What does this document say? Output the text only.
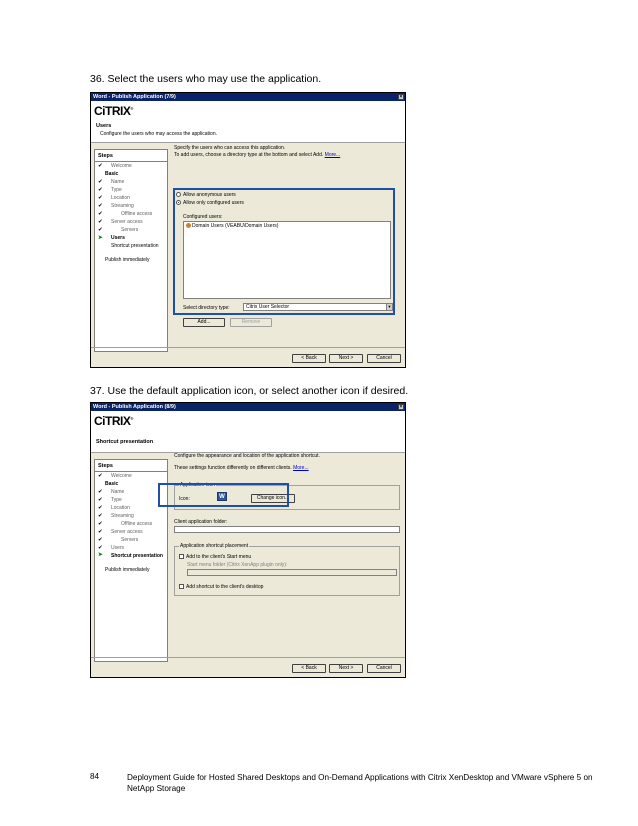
36. Select the users who may use the application.
Word - Publish Application (7/9)	×
CiTRIX®
Users
Configure the users who may access the application.
Steps
✔ Welcome
Basic
✔ Name
✔ Type
✔ Location
✔ Streaming
✔	Offline access
✔ Server access
✔	Servers
➤ Users
Shortcut presentation
Publish immediately
Specify the users who can access this application.
To add users, choose a directory type at the bottom and select Add. More...
Allow anonymous users
Allow only configured users
Configured users:
Domain Users (VEABU\Domain Users)
Select directory type:	Citrix User Selector	▼
Add...	Remove
< Back	Next >	Cancel
37. Use the default application icon, or select another icon if desired.
Word - Publish Application (8/9)	×
CiTRIX®
Shortcut presentation
Steps
✔ Welcome
Basic
✔ Name
✔ Type
✔ Location
✔ Streaming
✔	Offline access
✔ Server access
✔	Servers
✔ Users
➤ Shortcut presentation
Publish immediately
Configure the appearance and location of the application shortcut.
These settings function differently on different clients. More...
Application icon
Icon:	W	Change icon...
Client application folder:
Application shortcut placement
Add to the client's Start menu
Start menu folder (Citrix XenApp plugin only):
Add shortcut to the client's desktop
< Back	Next >	Cancel
84	Deployment Guide for Hosted Shared Desktops and On-Demand Applications with Citrix XenDesktop and VMware vSphere 5 on NetApp Storage
